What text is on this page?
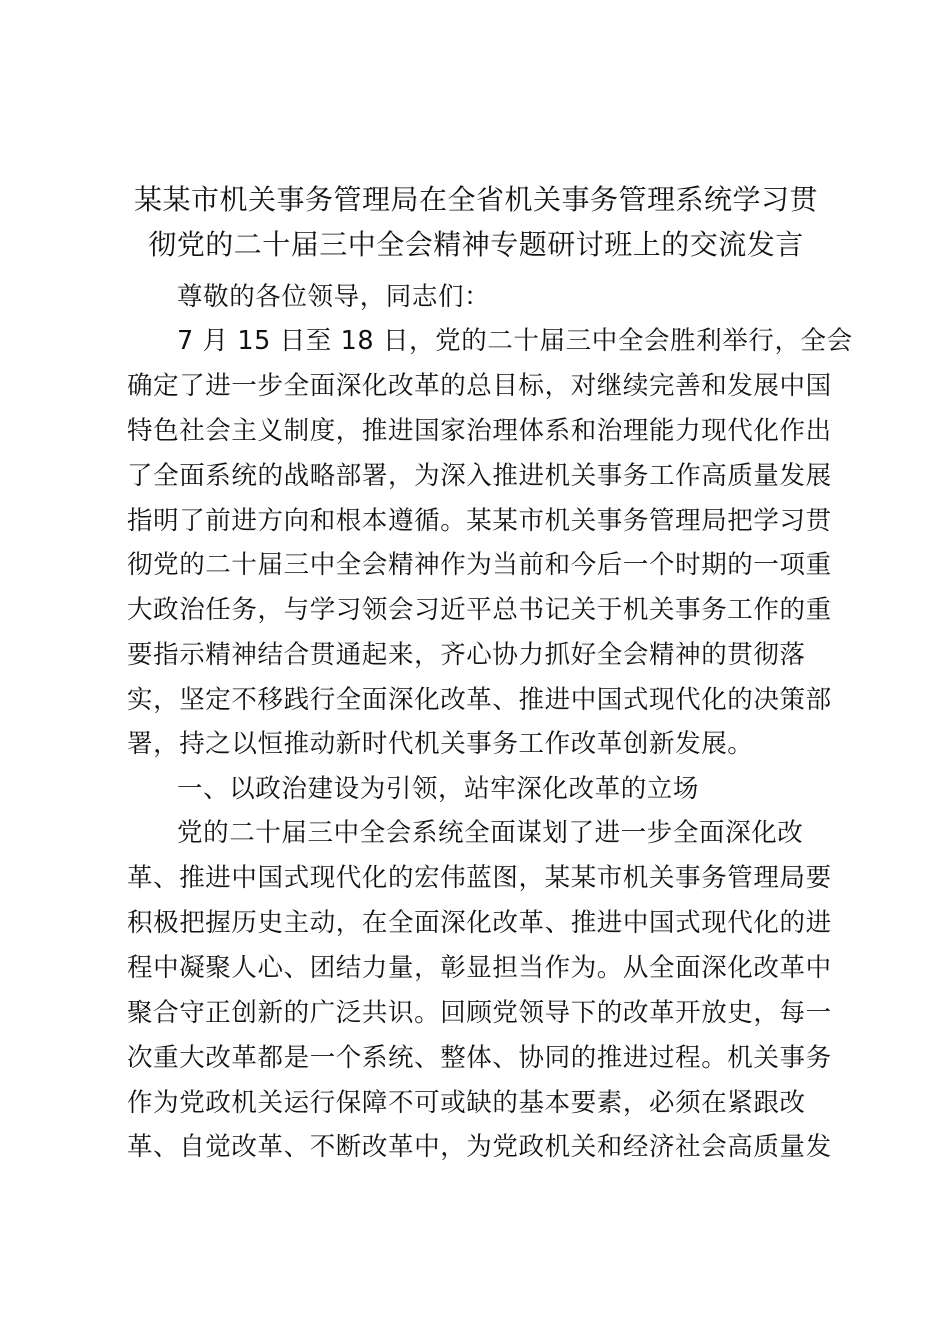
某某市机关事务管理局在全省机关事务管理系统学习贯
彻党的二十届三中全会精神专题研讨班上的交流发言
尊敬的各位领导，同志们：
7 月 15 日至 18 日，党的二十届三中全会胜利举行，全会
确定了进一步全面深化改革的总目标，对继续完善和发展中国
特色社会主义制度，推进国家治理体系和治理能力现代化作出
了全面系统的战略部署，为深入推进机关事务工作高质量发展
指明了前进方向和根本遵循。某某市机关事务管理局把学习贯
彻党的二十届三中全会精神作为当前和今后一个时期的一项重
大政治任务，与学习领会习近平总书记关于机关事务工作的重
要指示精神结合贯通起来，齐心协力抓好全会精神的贯彻落
实，坚定不移践行全面深化改革、推进中国式现代化的决策部
署，持之以恒推动新时代机关事务工作改革创新发展。
一、以政治建设为引领，站牢深化改革的立场
党的二十届三中全会系统全面谋划了进一步全面深化改
革、推进中国式现代化的宏伟蓝图，某某市机关事务管理局要
积极把握历史主动，在全面深化改革、推进中国式现代化的进
程中凝聚人心、团结力量，彰显担当作为。从全面深化改革中
聚合守正创新的广泛共识。回顾党领导下的改革开放史，每一
次重大改革都是一个系统、整体、协同的推进过程。机关事务
作为党政机关运行保障不可或缺的基本要素，必须在紧跟改
革、自觉改革、不断改革中，为党政机关和经济社会高质量发
